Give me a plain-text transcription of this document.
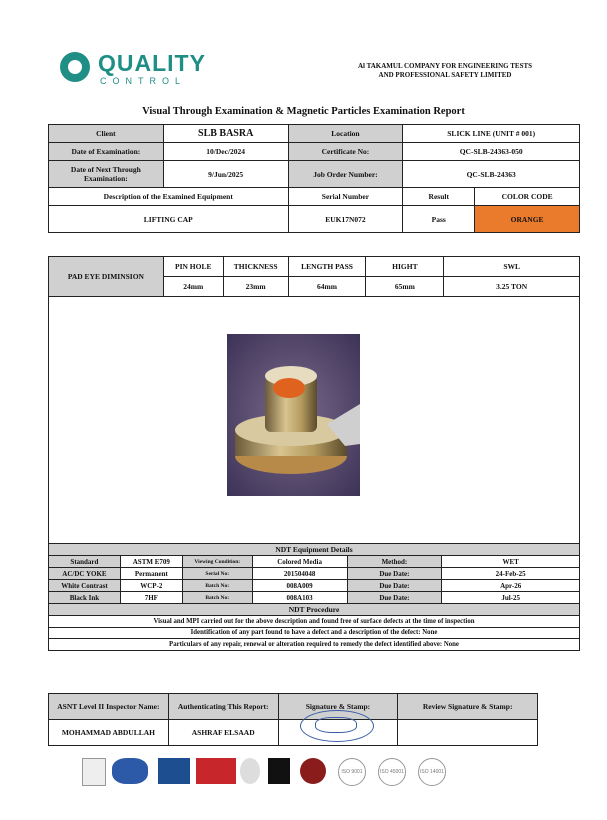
QUALITY
CONTROL
Al TAKAMUL COMPANY FOR ENGINEERING TESTS
AND PROFESSIONAL SAFETY LIMITED
Visual Through Examination & Magnetic Particles Examination Report
Client	SLB BASRA	Location	SLICK LINE (UNIT # 001)	
Date of Examination:	10/Dec/2024	Certificate No:	QC-SLB-24363-050	
Date of Next Through Examination:	9/Jun/2025	Job Order Number:	QC-SLB-24363	
Description of the Examined Equipment		Serial Number	Result	COLOR CODE
LIFTING CAP		EUK17N072	Pass	ORANGE
PAD EYE DIMINSION	PIN HOLE	THICKNESS	LENGTH PASS	HIGHT	SWL
	24mm	23mm	64mm	65mm	3.25 TON
NDT Equipment Details					
Standard	ASTM E709	Viewing Condition:	Colored Media	Method:	WET
AC/DC YOKE	Permanent	Serial No:	201504048	Due Date:	24-Feb-25
White Contrast	WCP-2	Batch No:	008A009	Due Date:	Apr-26
Black Ink	7HF	Batch No:	008A103	Due Date:	Jul-25
NDT Procedure					
Visual and MPI carried out for the above description and found free of surface defects at the time of inspection					
Identification of any part found to have a defect and a description of the defect: None					
Particulars of any repair, renewal or alteration required to remedy the defect identified above: None					
ASNT Level II Inspector Name:	Authenticating This Report:	Signature & Stamp:	Review Signature & Stamp:
MOHAMMAD ABDULLAH	ASHRAF ELSAAD		
ISO 9001	ISO 45001	ISO 14001
